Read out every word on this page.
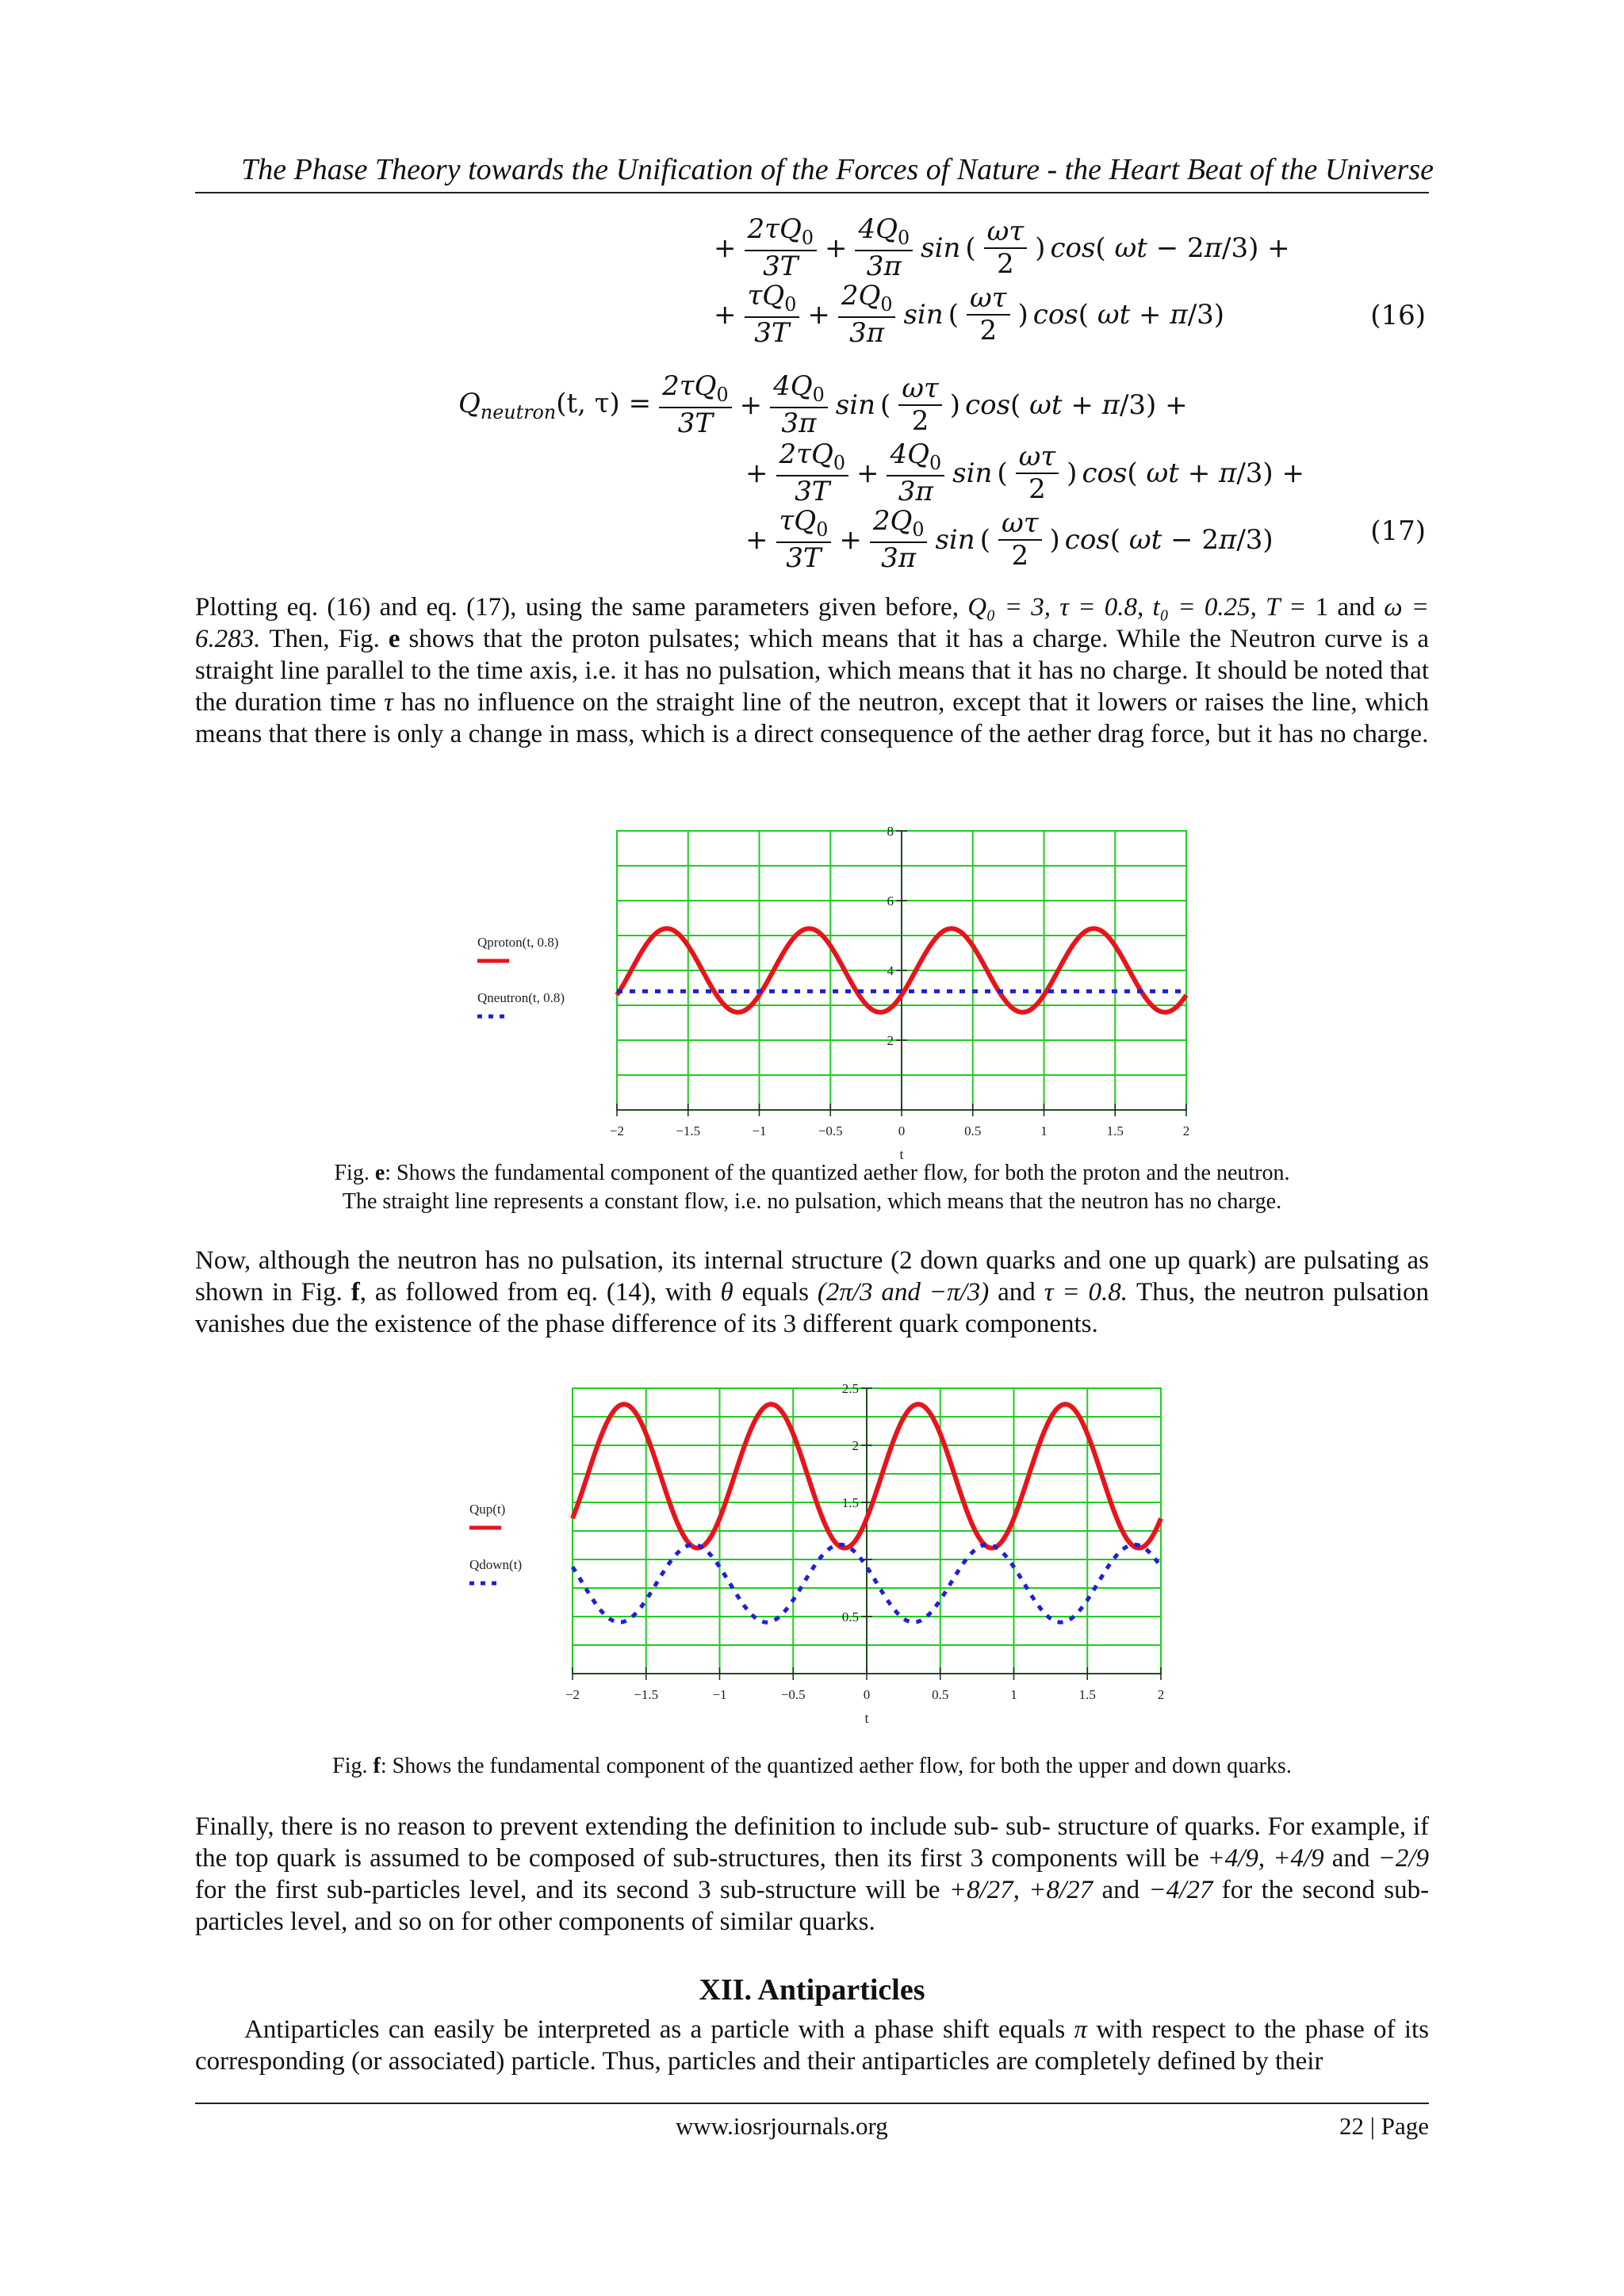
The Phase Theory towards the Unification of the Forces of Nature - the Heart Beat of the Universe
+ $\frac{2\tau Q_0}{3T} + \frac{4Q_0}{3\pi}$ sin ( $\frac{\omega\tau}{2}$ ) cos( ωt − 2π/3) +
+ $\frac{\tau Q_0}{3T} + \frac{2Q_0}{3\pi}$ sin ( $\frac{\omega\tau}{2}$ ) cos( ωt + π/3)	(16)
$Q_{neutron}(t$, $\tau) = \frac{2\tau Q_0}{3T} + \frac{4Q_0}{3\pi}$ sin ( $\frac{\omega\tau}{2}$ ) cos( ωt + π/3) +
+ $\frac{2\tau Q_0}{3T} + \frac{4Q_0}{3\pi}$ sin ( $\frac{\omega\tau}{2}$ ) cos( ωt + π/3) +
+ $\frac{\tau Q_0}{3T} + \frac{2Q_0}{3\pi}$ sin ( $\frac{\omega\tau}{2}$ ) cos( ωt − 2π/3)	(17)
Plotting eq. (16) and eq. (17), using the same parameters given before, Q₀ = 3, τ = 0.8, t₀ = 0.25, T = 1 and ω = 6.283. Then, Fig. e shows that the proton pulsates; which means that it has a charge. While the Neutron curve is a straight line parallel to the time axis, i.e. it has no pulsation, which means that it has no charge. It should be noted that the duration time τ has no influence on the straight line of the neutron, except that it lowers or raises the line, which means that there is only a change in mass, which is a direct consequence of the aether drag force, but it has no charge.
−2	−1.5	−1	−0.5	0	0.5	1	1.5	2
2
4
6
8
t
Qproton(t, 0.8)
Qneutron(t, 0.8)
Fig. e: Shows the fundamental component of the quantized aether flow, for both the proton and the neutron.
The straight line represents a constant flow, i.e. no pulsation, which means that the neutron has no charge.
Now, although the neutron has no pulsation, its internal structure (2 down quarks and one up quark) are pulsating as shown in Fig. f, as followed from eq. (14), with θ equals (2π/3 and −π/3) and τ = 0.8. Thus, the neutron pulsation vanishes due the existence of the phase difference of its 3 different quark components.
−2	−1.5	−1	−0.5	0	0.5	1	1.5	2
0.5
1.5
2
2.5
t
Qup(t)
Qdown(t)
Fig. f: Shows the fundamental component of the quantized aether flow, for both the upper and down quarks.
Finally, there is no reason to prevent extending the definition to include sub- sub- structure of quarks. For example, if the top quark is assumed to be composed of sub-structures, then its first 3 components will be +4/9, +4/9 and −2/9 for the first sub-particles level, and its second 3 sub-structure will be +8/27, +8/27 and −4/27 for the second sub-particles level, and so on for other components of similar quarks.
XII. Antiparticles
Antiparticles can easily be interpreted as a particle with a phase shift equals π with respect to the phase of its corresponding (or associated) particle. Thus, particles and their antiparticles are completely defined by their
www.iosrjournals.org	22 | Page
